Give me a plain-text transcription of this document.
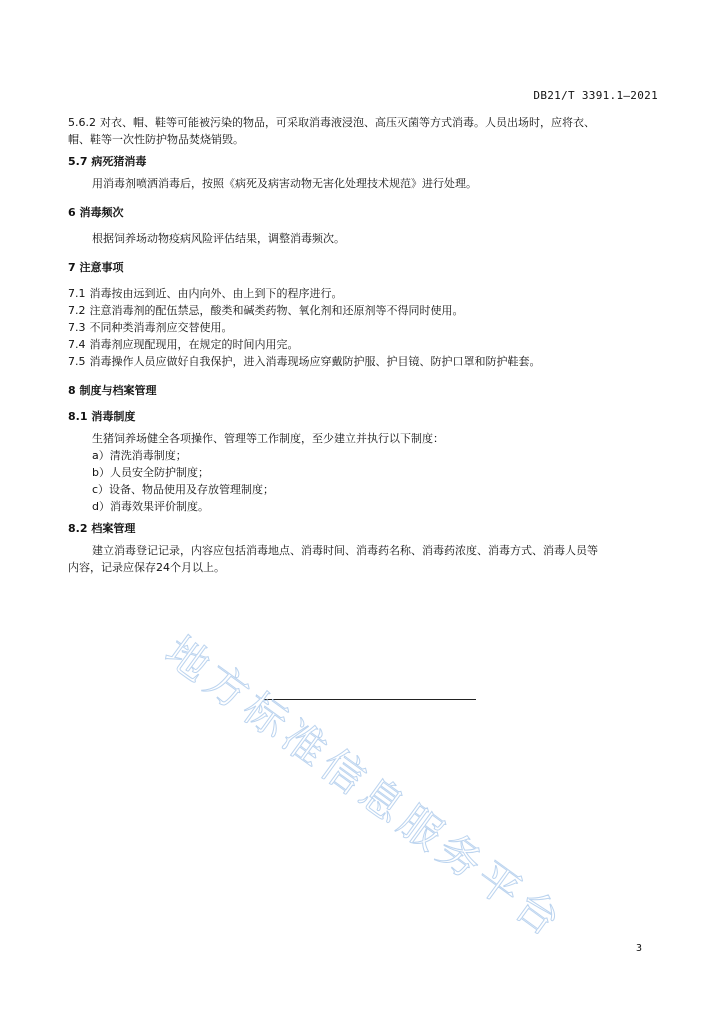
DB21/T 3391.1—2021

5.6.2 对衣、帽、鞋等可能被污染的物品，可采取消毒液浸泡、高压灭菌等方式消毒。人员出场时，应将衣、

帽、鞋等一次性防护物品焚烧销毁。

5.7 病死猪消毒

用消毒剂喷洒消毒后，按照《病死及病害动物无害化处理技术规范》进行处理。

6 消毒频次

根据饲养场动物疫病风险评估结果，调整消毒频次。

7 注意事项

7.1 消毒按由远到近、由内向外、由上到下的程序进行。

7.2 注意消毒剂的配伍禁忌，酸类和碱类药物、氧化剂和还原剂等不得同时使用。

7.3 不同种类消毒剂应交替使用。

7.4 消毒剂应现配现用，在规定的时间内用完。

7.5 消毒操作人员应做好自我保护，进入消毒现场应穿戴防护服、护目镜、防护口罩和防护鞋套。

8 制度与档案管理

8.1 消毒制度

生猪饲养场健全各项操作、管理等工作制度，至少建立并执行以下制度：

a）清洗消毒制度；

b）人员安全防护制度；

c）设备、物品使用及存放管理制度；

d）消毒效果评价制度。

8.2 档案管理

建立消毒登记记录，内容应包括消毒地点、消毒时间、消毒药名称、消毒药浓度、消毒方式、消毒人员等

内容，记录应保存24个月以上。

地方标准信息服务平台
3
